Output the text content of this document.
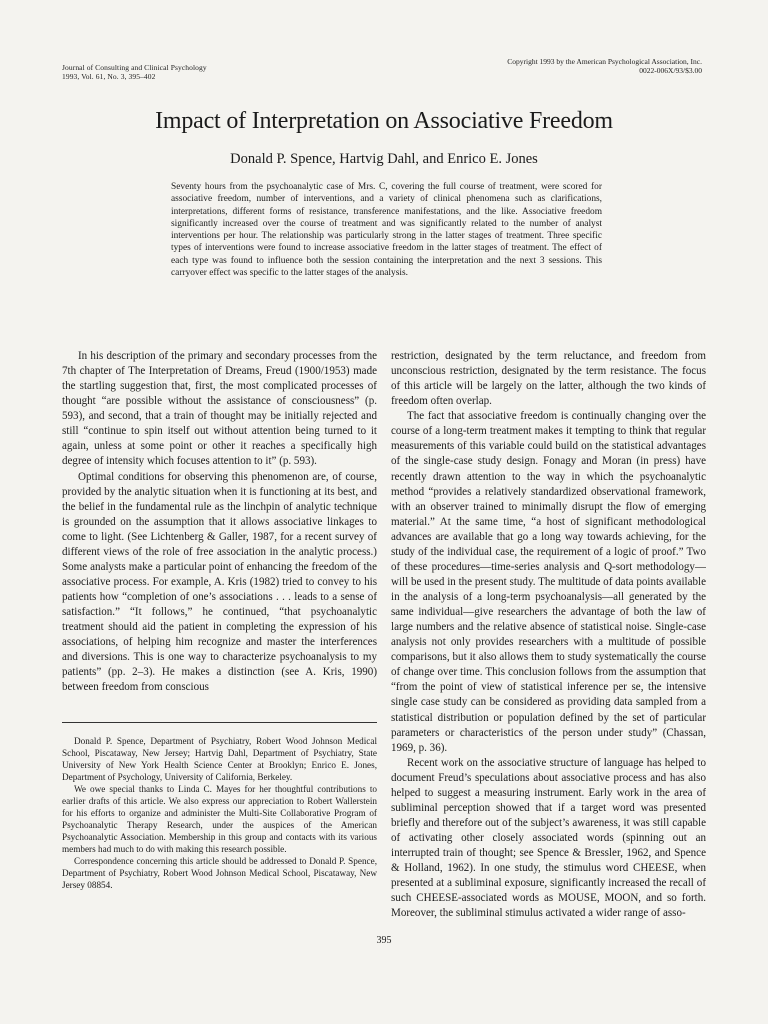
Journal of Consulting and Clinical Psychology
1993, Vol. 61, No. 3, 395–402
Copyright 1993 by the American Psychological Association, Inc.
0022-006X/93/$3.00
Impact of Interpretation on Associative Freedom
Donald P. Spence, Hartvig Dahl, and Enrico E. Jones
Seventy hours from the psychoanalytic case of Mrs. C, covering the full course of treatment, were scored for associative freedom, number of interventions, and a variety of clinical phenomena such as clarifications, interpretations, different forms of resistance, transference manifestations, and the like. Associative freedom significantly increased over the course of treatment and was significantly related to the number of analyst interventions per hour. The relationship was particularly strong in the latter stages of treatment. Three specific types of interventions were found to increase associative freedom in the latter stages of treatment. The effect of each type was found to influence both the session containing the interpretation and the next 3 sessions. This carryover effect was specific to the latter stages of the analysis.

In his description of the primary and secondary processes from the 7th chapter of The Interpretation of Dreams, Freud (1900/1953) made the startling suggestion that, first, the most complicated processes of thought “are possible without the assistance of consciousness” (p. 593), and second, that a train of thought may be initially rejected and still “continue to spin itself out without attention being turned to it again, unless at some point or other it reaches a specifically high degree of intensity which focuses attention to it” (p. 593).

Optimal conditions for observing this phenomenon are, of course, provided by the analytic situation when it is functioning at its best, and the belief in the fundamental rule as the linchpin of analytic technique is grounded on the assumption that it allows associative linkages to come to light. (See Lichtenberg & Galler, 1987, for a recent survey of different views of the role of free association in the analytic process.) Some analysts make a particular point of enhancing the freedom of the associative process. For example, A. Kris (1982) tried to convey to his patients how “completion of one’s associations . . . leads to a sense of satisfaction.” “It follows,” he continued, “that psychoanalytic treatment should aid the patient in completing the expression of his associations, of helping him recognize and master the interferences and diversions. This is one way to characterize psychoanalysis to my patients” (pp. 2–3). He makes a distinction (see A. Kris, 1990) between freedom from conscious

Donald P. Spence, Department of Psychiatry, Robert Wood Johnson Medical School, Piscataway, New Jersey; Hartvig Dahl, Department of Psychiatry, State University of New York Health Science Center at Brooklyn; Enrico E. Jones, Department of Psychology, University of California, Berkeley.

We owe special thanks to Linda C. Mayes for her thoughtful contributions to earlier drafts of this article. We also express our appreciation to Robert Wallerstein for his efforts to organize and administer the Multi-Site Collaborative Program of Psychoanalytic Therapy Research, under the auspices of the American Psychoanalytic Association. Membership in this group and contacts with its various members had much to do with making this research possible.

Correspondence concerning this article should be addressed to Donald P. Spence, Department of Psychiatry, Robert Wood Johnson Medical School, Piscataway, New Jersey 08854.

restriction, designated by the term reluctance, and freedom from unconscious restriction, designated by the term resistance. The focus of this article will be largely on the latter, although the two kinds of freedom often overlap.

The fact that associative freedom is continually changing over the course of a long-term treatment makes it tempting to think that regular measurements of this variable could build on the statistical advantages of the single-case study design. Fonagy and Moran (in press) have recently drawn attention to the way in which the psychoanalytic method “provides a relatively standardized observational framework, with an observer trained to minimally disrupt the flow of emerging material.” At the same time, “a host of significant methodological advances are available that go a long way towards achieving, for the study of the individual case, the requirement of a logic of proof.” Two of these procedures—time-series analysis and Q-sort methodology—will be used in the present study. The multitude of data points available in the analysis of a long-term psychoanalysis—all generated by the same individual—give researchers the advantage of both the law of large numbers and the relative absence of statistical noise. Single-case analysis not only provides researchers with a multitude of possible comparisons, but it also allows them to study systematically the course of change over time. This conclusion follows from the assumption that “from the point of view of statistical inference per se, the intensive single case study can be considered as providing data sampled from a statistical distribution or population defined by the set of particular parameters or characteristics of the person under study” (Chassan, 1969, p. 36).

Recent work on the associative structure of language has helped to document Freud’s speculations about associative process and has also helped to suggest a measuring instrument. Early work in the area of subliminal perception showed that if a target word was presented briefly and therefore out of the subject’s awareness, it was still capable of activating other closely associated words (spinning out an interrupted train of thought; see Spence & Bressler, 1962, and Spence & Holland, 1962). In one study, the stimulus word CHEESE, when presented at a subliminal exposure, significantly increased the recall of such CHEESE-associated words as MOUSE, MOON, and so forth. Moreover, the subliminal stimulus activated a wider range of asso-

395
